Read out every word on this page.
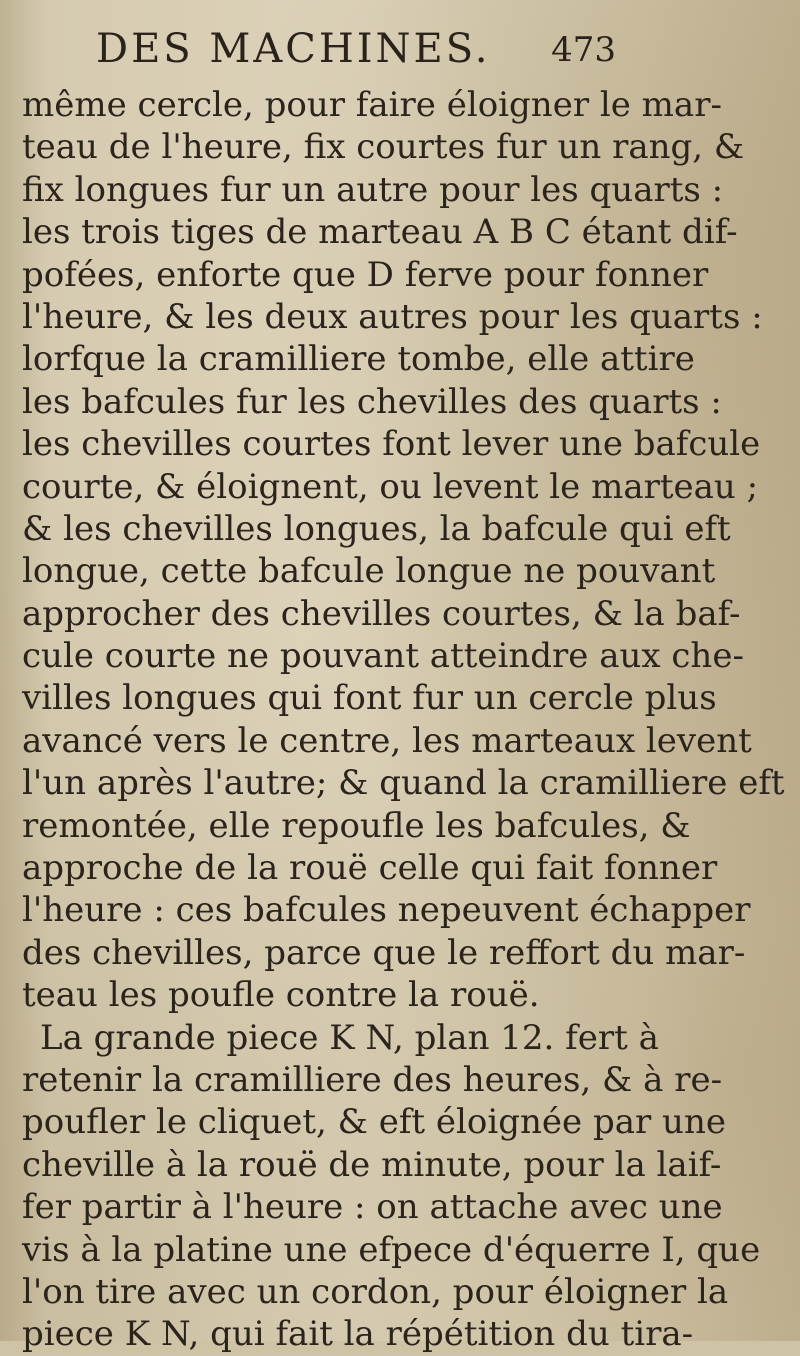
DES MACHINES. 473
même cercle, pour faire éloigner le mar-
teau de l'heure, fix courtes fur un rang, &
fix longues fur un autre pour les quarts :
les trois tiges de marteau A B C étant dif-
pofées, enforte que D ferve pour fonner
l'heure, & les deux autres pour les quarts :
lorfque la cramilliere tombe, elle attire
les bafcules fur les chevilles des quarts :
les chevilles courtes font lever une bafcule
courte, & éloignent, ou levent le marteau ;
& les chevilles longues, la bafcule qui eft
longue, cette bafcule longue ne pouvant
approcher des chevilles courtes, & la baf-
cule courte ne pouvant atteindre aux che-
villes longues qui font fur un cercle plus
avancé vers le centre, les marteaux levent
l'un après l'autre; & quand la cramilliere eft
remontée, elle repoufle les bafcules, &
approche de la rouë celle qui fait fonner
l'heure : ces bafcules nepeuvent échapper
des chevilles, parce que le reffort du mar-
teau les poufle contre la rouë.
La grande piece K N, plan 12. fert à
retenir la cramilliere des heures, & à re-
poufler le cliquet, & eft éloignée par une
cheville à la rouë de minute, pour la laif-
fer partir à l'heure : on attache avec une
vis à la platine une efpece d'équerre I, que
l'on tire avec un cordon, pour éloigner la
piece K N, qui fait la répétition du tira-
